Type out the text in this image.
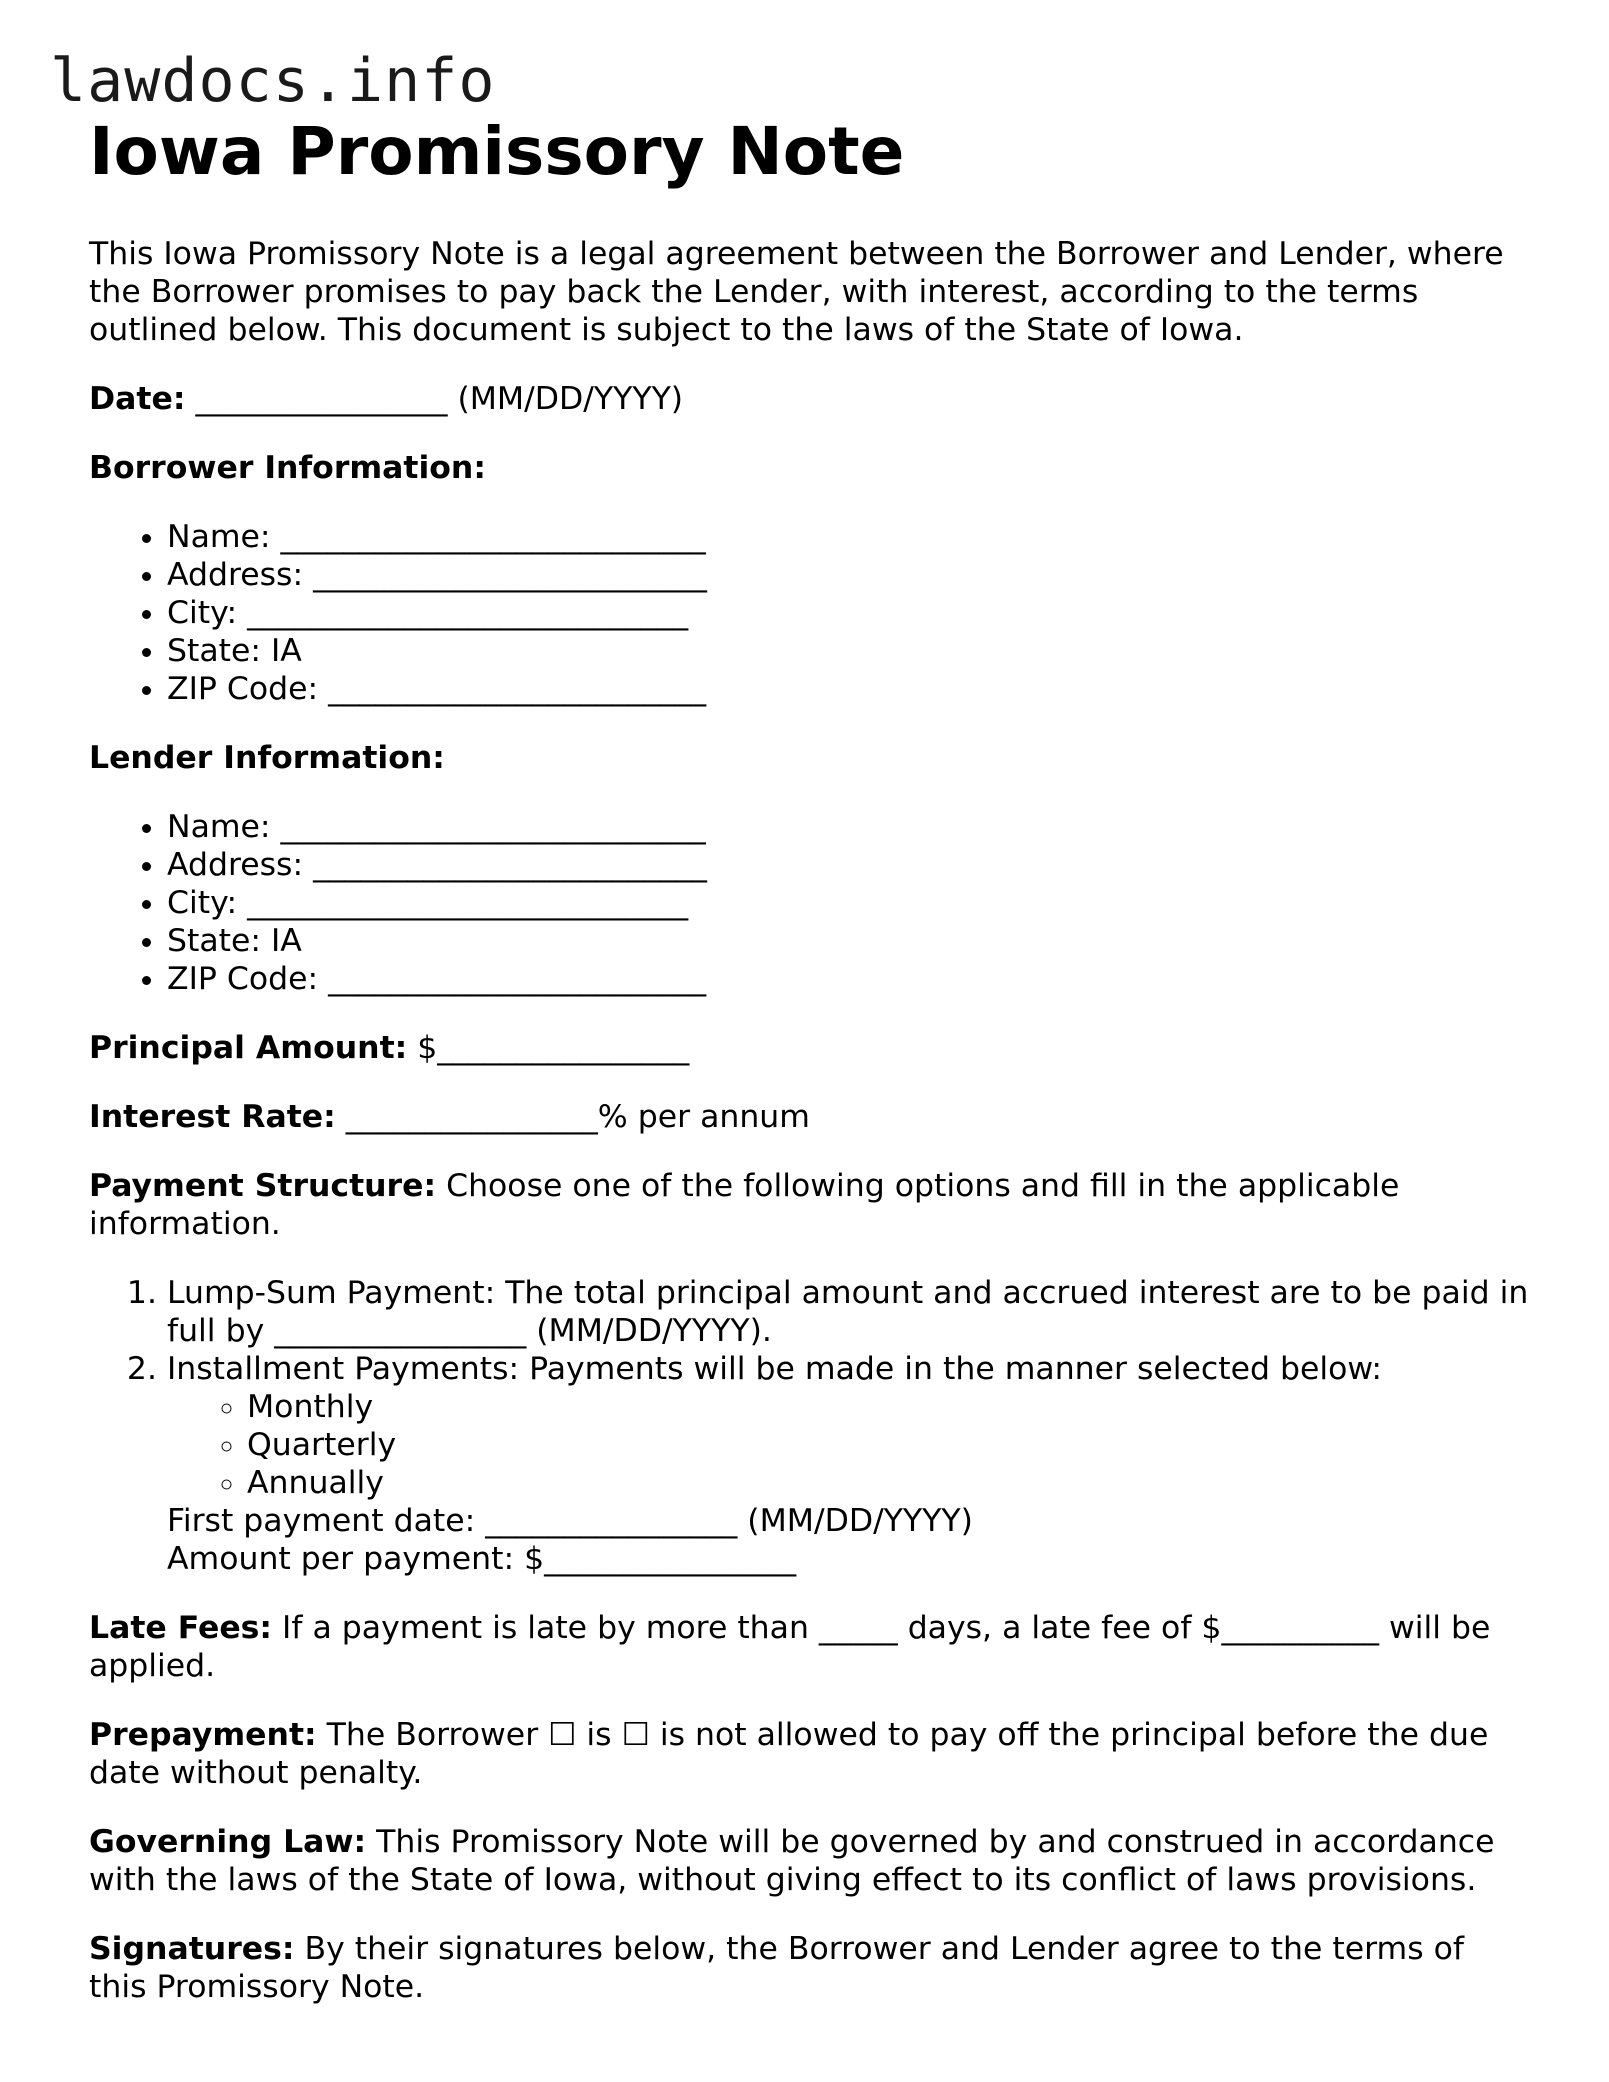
lawdocs.info
Iowa Promissory Note

This Iowa Promissory Note is a legal agreement between the Borrower and Lender, where the Borrower promises to pay back the Lender, with interest, according to the terms outlined below. This document is subject to the laws of the State of Iowa.

Date: ________________ (MM/DD/YYYY)

Borrower Information:

• Name: ___________________________
• Address: _________________________
• City: ____________________________
• State: IA
• ZIP Code: ________________________

Lender Information:

• Name: ___________________________
• Address: _________________________
• City: ____________________________
• State: IA
• ZIP Code: ________________________

Principal Amount: $________________

Interest Rate: ________________% per annum

Payment Structure: Choose one of the following options and fill in the applicable information.

1. Lump-Sum Payment: The total principal amount and accrued interest are to be paid in full by ________________ (MM/DD/YYYY).
2. Installment Payments: Payments will be made in the manner selected below:
◦ Monthly
◦ Quarterly
◦ Annually
First payment date: ________________ (MM/DD/YYYY)
Amount per payment: $________________

Late Fees: If a payment is late by more than _____ days, a late fee of $__________ will be applied.

Prepayment: The Borrower ☐ is ☐ is not allowed to pay off the principal before the due date without penalty.

Governing Law: This Promissory Note will be governed by and construed in accordance with the laws of the State of Iowa, without giving effect to its conflict of laws provisions.

Signatures: By their signatures below, the Borrower and Lender agree to the terms of this Promissory Note.
